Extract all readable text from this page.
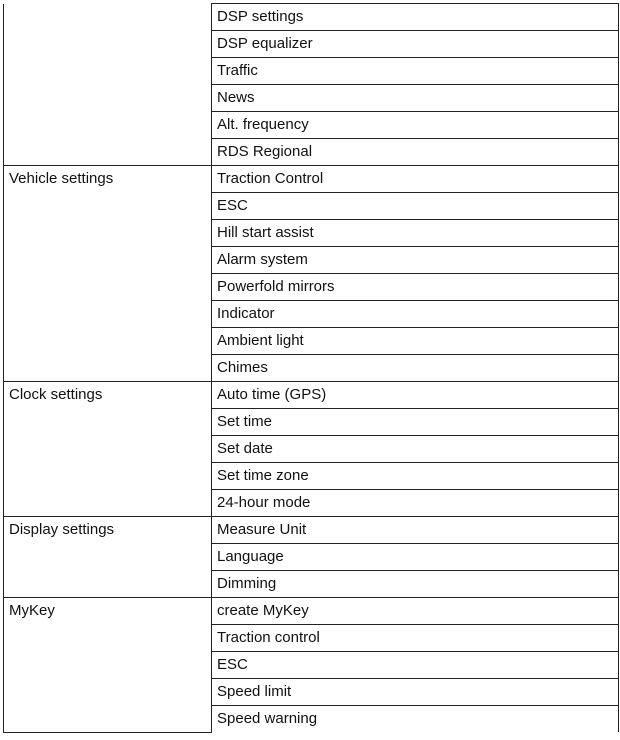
	DSP settings
	DSP equalizer
	Traffic
	News
	Alt. frequency
	RDS Regional
Vehicle settings	Traction Control
	ESC
	Hill start assist
	Alarm system
	Powerfold mirrors
	Indicator
	Ambient light
	Chimes
Clock settings	Auto time (GPS)
	Set time
	Set date
	Set time zone
	24-hour mode
Display settings	Measure Unit
	Language
	Dimming
MyKey	create MyKey
	Traction control
	ESC
	Speed limit
	Speed warning
